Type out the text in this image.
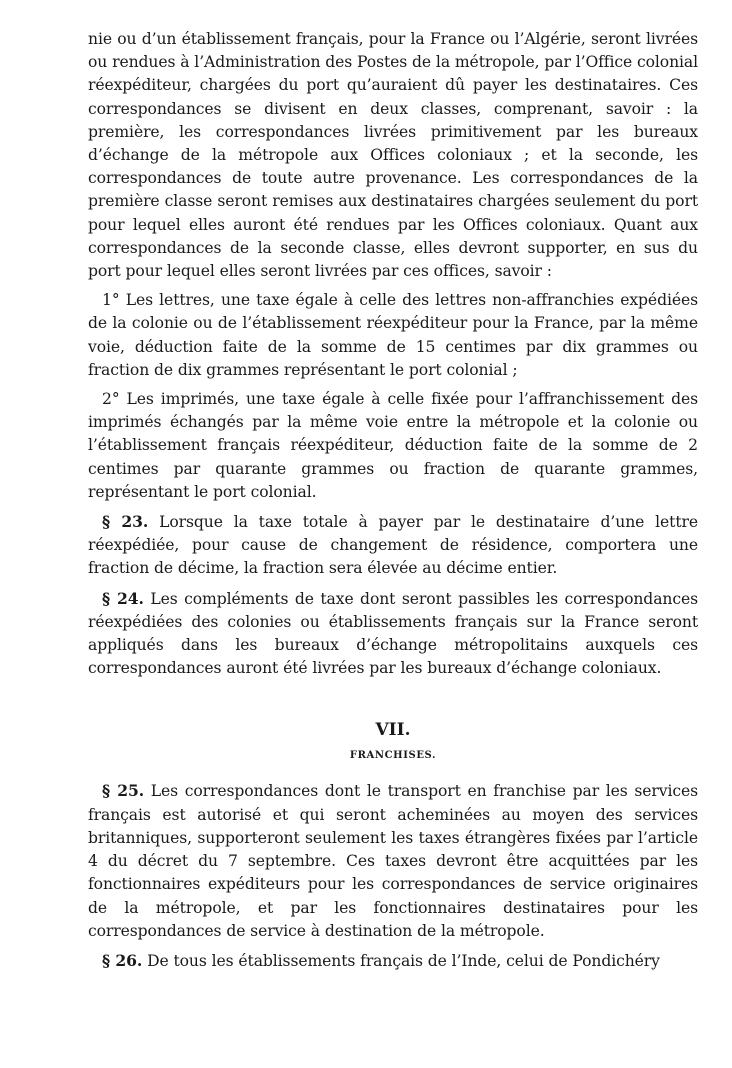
nie ou d’un établissement français, pour la France ou l’Algérie, seront livrées ou rendues à l’Administration des Postes de la métropole, par l’Office colonial réexpéditeur, chargées du port qu’auraient dû payer les destinataires. Ces correspondances se divisent en deux classes, comprenant, savoir : la première, les correspondances livrées primitivement par les bureaux d’échange de la métropole aux Offices coloniaux ; et la seconde, les correspondances de toute autre provenance. Les correspondances de la première classe seront remises aux destinataires chargées seulement du port pour lequel elles auront été rendues par les Offices coloniaux. Quant aux correspondances de la seconde classe, elles devront supporter, en sus du port pour lequel elles seront livrées par ces offices, savoir :

1° Les lettres, une taxe égale à celle des lettres non-affranchies expédiées de la colonie ou de l’établissement réexpéditeur pour la France, par la même voie, déduction faite de la somme de 15 centimes par dix grammes ou fraction de dix grammes représentant le port colonial ;

2° Les imprimés, une taxe égale à celle fixée pour l’affranchissement des imprimés échangés par la même voie entre la métropole et la colonie ou l’établissement français réexpéditeur, déduction faite de la somme de 2 centimes par quarante grammes ou fraction de quarante grammes, représentant le port colonial.

§ 23. Lorsque la taxe totale à payer par le destinataire d’une lettre réexpédiée, pour cause de changement de résidence, comportera une fraction de décime, la fraction sera élevée au décime entier.

§ 24. Les compléments de taxe dont seront passibles les correspondances réexpédiées des colonies ou établissements français sur la France seront appliqués dans les bureaux d’échange métropolitains auxquels ces correspondances auront été livrées par les bureaux d’échange coloniaux.

VII.
FRANCHISES.

§ 25. Les correspondances dont le transport en franchise par les services français est autorisé et qui seront acheminées au moyen des services britanniques, supporteront seulement les taxes étrangères fixées par l’article 4 du décret du 7 septembre. Ces taxes devront être acquittées par les fonctionnaires expéditeurs pour les correspondances de service originaires de la métropole, et par les fonctionnaires destinataires pour les correspondances de service à destination de la métropole.

§ 26. De tous les établissements français de l’Inde, celui de Pondichéry
